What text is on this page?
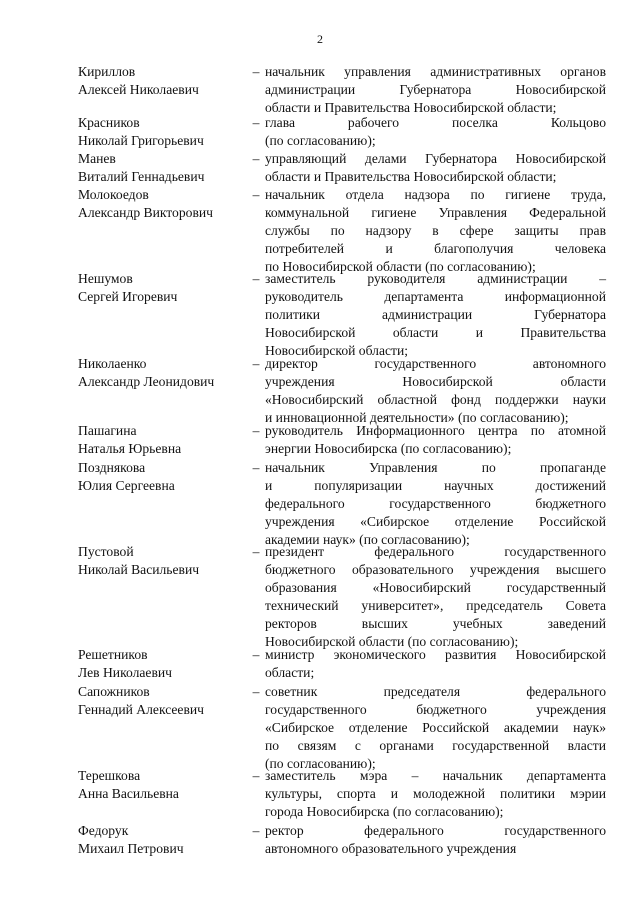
2
Кириллов
Алексей Николаевич
– начальник управления административных органов
администрации Губернатора Новосибирской
области и Правительства Новосибирской области;
Красников
Николай Григорьевич
– глава рабочего поселка Кольцово
(по согласованию);
Манев
Виталий Геннадьевич
– управляющий делами Губернатора Новосибирской
области и Правительства Новосибирской области;
Молокоедов
Александр Викторович
– начальник отдела надзора по гигиене труда,
коммунальной гигиене Управления Федеральной
службы по надзору в сфере защиты прав
потребителей и благополучия человека
по Новосибирской области (по согласованию);
Нешумов
Сергей Игоревич
– заместитель руководителя администрации –
руководитель департамента информационной
политики администрации Губернатора
Новосибирской области и Правительства
Новосибирской области;
Николаенко
Александр Леонидович
– директор государственного автономного
учреждения Новосибирской области
«Новосибирский областной фонд поддержки науки
и инновационной деятельности» (по согласованию);
Пашагина
Наталья Юрьевна
– руководитель Информационного центра по атомной
энергии Новосибирска (по согласованию);
Позднякова
Юлия Сергеевна
– начальник Управления по пропаганде
и популяризации научных достижений
федерального государственного бюджетного
учреждения «Сибирское отделение Российской
академии наук» (по согласованию);
Пустовой
Николай Васильевич
– президент федерального государственного
бюджетного образовательного учреждения высшего
образования «Новосибирский государственный
технический университет», председатель Совета
ректоров высших учебных заведений
Новосибирской области (по согласованию);
Решетников
Лев Николаевич
– министр экономического развития Новосибирской
области;
Сапожников
Геннадий Алексеевич
– советник председателя федерального
государственного бюджетного учреждения
«Сибирское отделение Российской академии наук»
по связям с органами государственной власти
(по согласованию);
Терешкова
Анна Васильевна
– заместитель мэра – начальник департамента
культуры, спорта и молодежной политики мэрии
города Новосибирска (по согласованию);
Федорук
Михаил Петрович
– ректор федерального государственного
автономного образовательного учреждения
